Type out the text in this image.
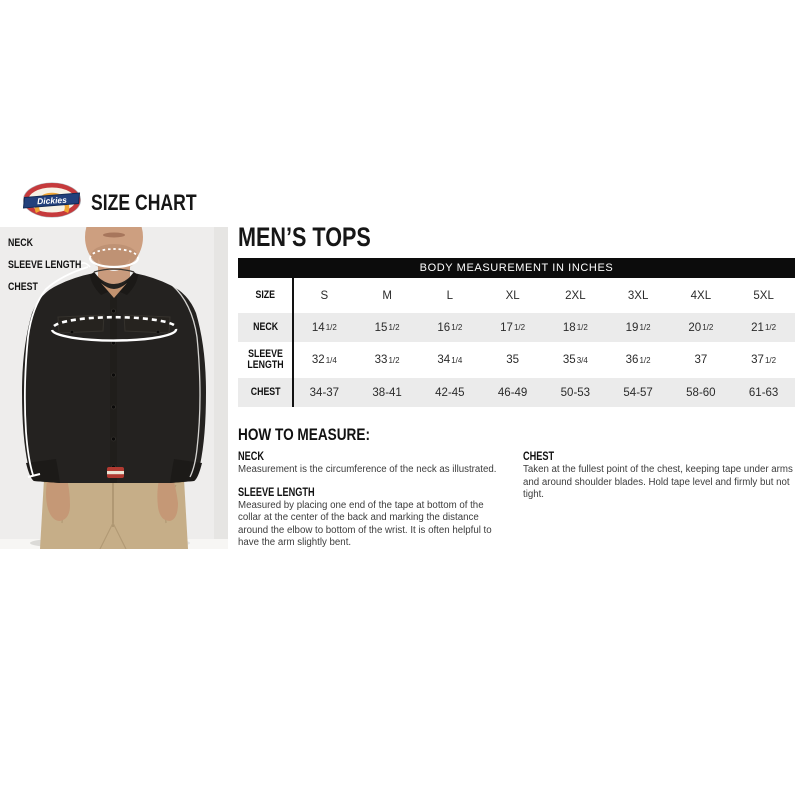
Dickies SIZE CHART
NECK
SLEEVE LENGTH
CHEST
MEN’S TOPS
BODY MEASUREMENT IN INCHES
SIZE	S	M	L	XL	2XL	3XL	4XL	5XL
NECK	14 1/2	15 1/2	16 1/2	17 1/2	18 1/2	19 1/2	20 1/2	21 1/2
SLEEVE LENGTH	32 1/4	33 1/2	34 1/4	35	35 3/4	36 1/2	37	37 1/2
CHEST	34-37	38-41	42-45	46-49	50-53	54-57	58-60	61-63
HOW TO MEASURE:
NECK

Measurement is the circumference of the neck as illustrated.

SLEEVE LENGTH

Measured by placing one end of the tape at bottom of the collar at the center of the back and marking the distance around the elbow to bottom of the wrist. It is often helpful to have the arm slightly bent.

CHEST

Taken at the fullest point of the chest, keeping tape under arms and around shoulder blades. Hold tape level and firmly but not tight.
